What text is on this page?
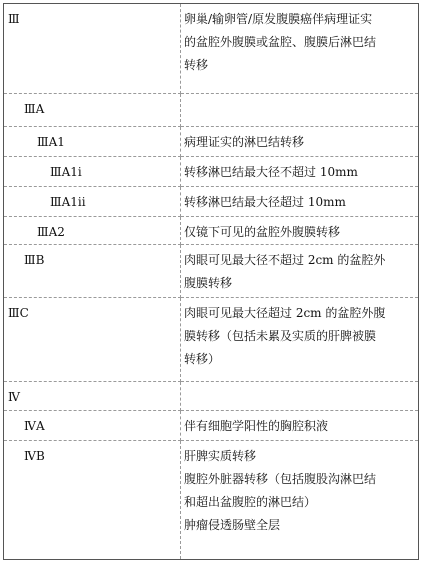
Ⅲ	卵巢/输卵管/原发腹膜癌伴病理证实
的盆腔外腹膜或盆腔、腹膜后淋巴结
转移

ⅢA	

ⅢA1	病理证实的淋巴结转移

ⅢA1i	转移淋巴结最大径不超过 10mm

ⅢA1ii	转移淋巴结最大径超过 10mm

ⅢA2	仅镜下可见的盆腔外腹膜转移

ⅢB	肉眼可见最大径不超过 2cm 的盆腔外
腹膜转移

ⅢC	肉眼可见最大径超过 2cm 的盆腔外腹
膜转移（包括未累及实质的肝脾被膜
转移）

Ⅳ	

ⅣA	伴有细胞学阳性的胸腔积液

ⅣB	肝脾实质转移
腹腔外脏器转移（包括腹股沟淋巴结
和超出盆腹腔的淋巴结）
肿瘤侵透肠壁全层
